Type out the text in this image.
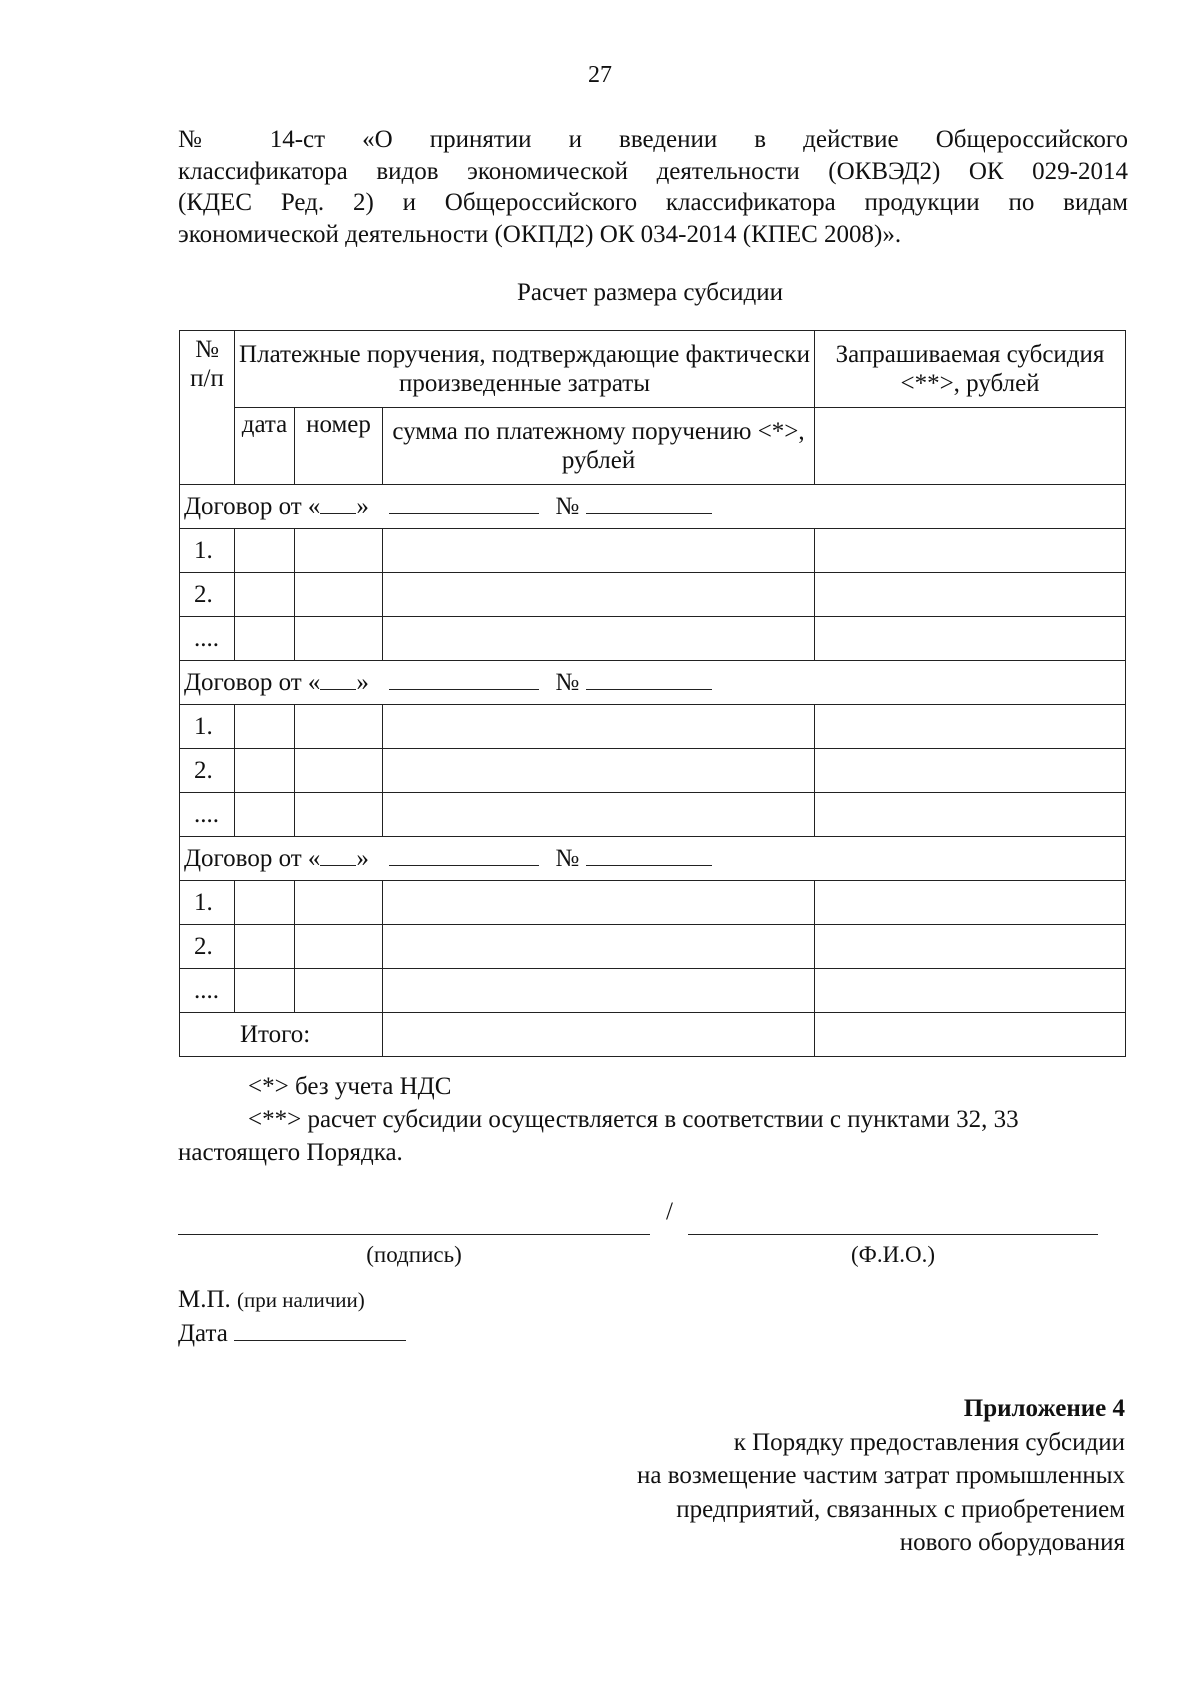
27
№ 14-ст «О принятии и введении в действие Общероссийского
классификатора видов экономической деятельности (ОКВЭД2) ОК 029-2014
(КДЕС Ред. 2) и Общероссийского классификатора продукции по видам
экономической деятельности (ОКПД2) ОК 034-2014 (КПЕС 2008)».
Расчет размера субсидии
№ п/п	Платежные поручения, подтверждающие фактически произведенные затраты			Запрашиваемая субсидия <**>, рублей
	дата	номер	сумма по платежному поручению <*>, рублей	
Договор от « » №				
1.				
2.				
....				
Договор от « » №				
1.				
2.				
....				
Договор от « » №				
1.				
2.				
....				
Итого:				
<*> без учета НДС
<**> расчет субсидии осуществляется в соответствии с пунктами 32, 33
настоящего Порядка.
/
(подпись)	(Ф.И.О.)
М.П. (при наличии)
Дата
Приложение 4
к Порядку предоставления субсидии
на возмещение частим затрат промышленных
предприятий, связанных с приобретением
нового оборудования
